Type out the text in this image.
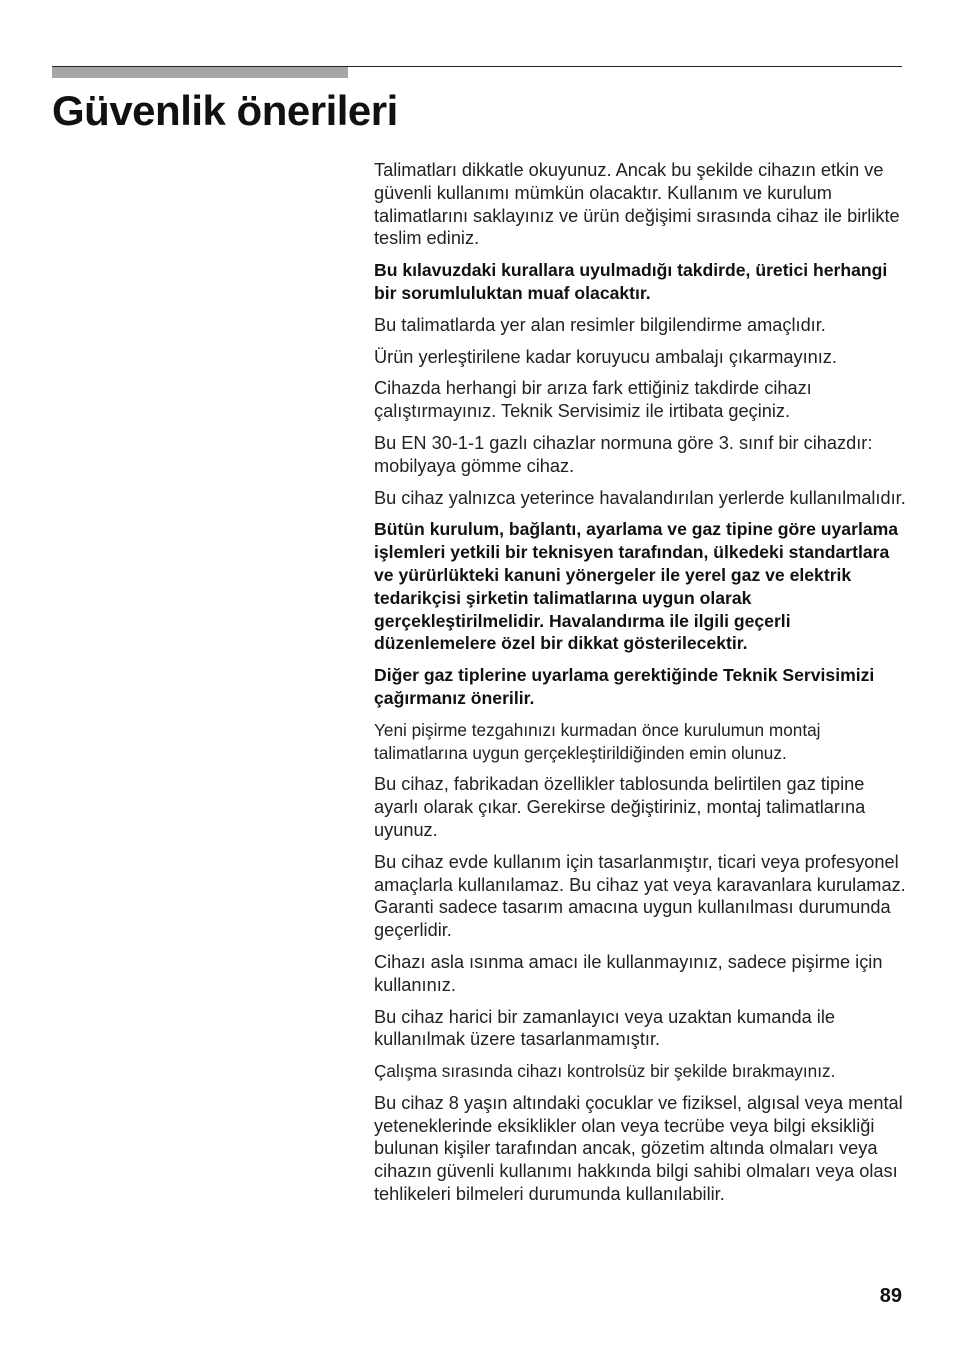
Güvenlik önerileri

Talimatları dikkatle okuyunuz. Ancak bu şekilde cihazın etkin ve güvenli kullanımı mümkün olacaktır. Kullanım ve kurulum talimatlarını saklayınız ve ürün değişimi sırasında cihaz ile birlikte teslim ediniz.

Bu kılavuzdaki kurallara uyulmadığı takdirde, üretici herhangi bir sorumluluktan muaf olacaktır.

Bu talimatlarda yer alan resimler bilgilendirme amaçlıdır.

Ürün yerleştirilene kadar koruyucu ambalajı çıkarmayınız.

Cihazda herhangi bir arıza fark ettiğiniz takdirde cihazı çalıştırmayınız. Teknik Servisimiz ile irtibata geçiniz.

Bu EN 30-1-1 gazlı cihazlar normuna göre 3. sınıf bir cihazdır: mobilyaya gömme cihaz.

Bu cihaz yalnızca yeterince havalandırılan yerlerde kullanılmalıdır.

Bütün kurulum, bağlantı, ayarlama ve gaz tipine göre uyarlama işlemleri yetkili bir teknisyen tarafından, ülkedeki standartlara ve yürürlükteki kanuni yönergeler ile yerel gaz ve elektrik tedarikçisi şirketin talimatlarına uygun olarak gerçekleştirilmelidir. Havalandırma ile ilgili geçerli düzenlemelere özel bir dikkat gösterilecektir.

Diğer gaz tiplerine uyarlama gerektiğinde Teknik Servisimizi çağırmanız önerilir.

Yeni pişirme tezgahınızı kurmadan önce kurulumun montaj talimatlarına uygun gerçekleştirildiğinden emin olunuz.

Bu cihaz, fabrikadan özellikler tablosunda belirtilen gaz tipine ayarlı olarak çıkar. Gerekirse değiştiriniz, montaj talimatlarına uyunuz.

Bu cihaz evde kullanım için tasarlanmıştır, ticari veya profesyonel amaçlarla kullanılamaz. Bu cihaz yat veya karavanlara kurulamaz. Garanti sadece tasarım amacına uygun kullanılması durumunda geçerlidir.

Cihazı asla ısınma amacı ile kullanmayınız, sadece pişirme için kullanınız.

Bu cihaz harici bir zamanlayıcı veya uzaktan kumanda ile kullanılmak üzere tasarlanmamıştır.

Çalışma sırasında cihazı kontrolsüz bir şekilde bırakmayınız.

Bu cihaz 8 yaşın altındaki çocuklar ve fiziksel, algısal veya mental yeteneklerinde eksiklikler olan veya tecrübe veya bilgi eksikliği bulunan kişiler tarafından ancak, gözetim altında olmaları veya cihazın güvenli kullanımı hakkında bilgi sahibi olmaları veya olası tehlikeleri bilmeleri durumunda kullanılabilir.

89
